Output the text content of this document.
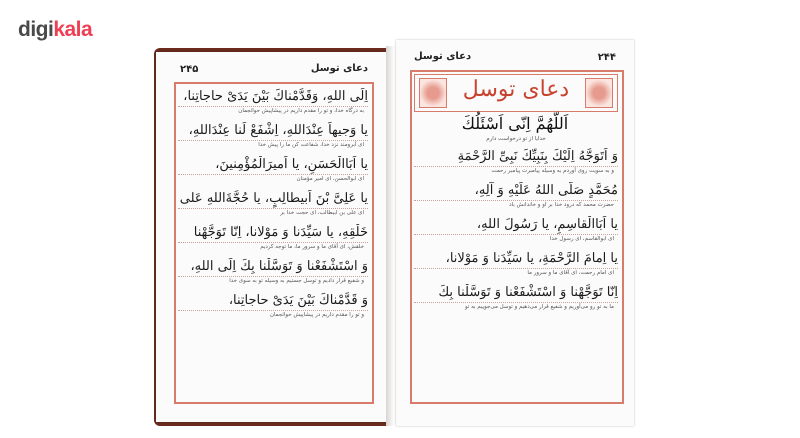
digikala
۲۴۵	دعای توسل
اِلَی اللهِ، وَقَدَّمْناكَ بَيْنَ يَدَیْ حاجاتِنا،
به درگاه خدا، و تو را مقدم داریم در پیشاپیش حوائجمان
يا وَجيهاً عِنْدَاللهِ، اِشْفَعْ لَنا عِنْدَاللهِ،
ای آبرومند نزد خدا، شفاعت کن ما را پیش خدا
يا اَبَاالْحَسَنِ، يا اَميرَالْمُؤْمِنينَ،
ای ابوالحسن، ای امیر مؤمنان
يا عَلِیَّ بْنَ اَبيطالِبٍ، يا حُجَّةَاللهِ عَلی
ای علی بن ابیطالب، ای حجت خدا بر
خَلْقِهِ، يا سَيِّدَنا وَ مَوْلانا، اِنّا تَوَجَّهْنا
خلقش، ای آقای ما و سرور ما، ما توجه کردیم
وَ اسْتَشْفَعْنا وَ تَوَسَّلْنا بِكَ اِلَی اللهِ،
و شفیع قرار دادیم و توسل جستیم به وسیله تو به سوی خدا
وَ قَدَّمْناكَ بَيْنَ يَدَیْ حاجاتِنا،
و تو را مقدم داریم در پیشاپیش حوائجمان
دعای توسل	۲۴۴
دعای توسل
اَللّهُمَّ اِنّی اَسْئَلُكَ
خدایا از تو درخواست دارم
وَ اَتَوَجَّهُ اِلَيْكَ بِنَبِيِّكَ نَبِیِّ الرَّحْمَةِ
و به سویت روی آوردم به وسیله پیامبرت پیامبر رحمت
مُحَمَّدٍ صَلَّی اللهُ عَلَيْهِ وَ آلِهِ،
حضرت محمد که درود خدا بر او و خاندانش باد
يا اَبَاالْقاسِمِ، يا رَسُولَ اللهِ،
ای ابوالقاسم، ای رسول خدا
يا اِمامَ الرَّحْمَةِ، يا سَيِّدَنا وَ مَوْلانا،
ای امام رحمت، ای آقای ما و سرور ما
اِنّا تَوَجَّهْنا وَ اسْتَشْفَعْنا وَ تَوَسَّلْنا بِكَ
ما به تو رو می‌آوریم و شفیع قرار می‌دهیم و توسل می‌جوییم به تو
